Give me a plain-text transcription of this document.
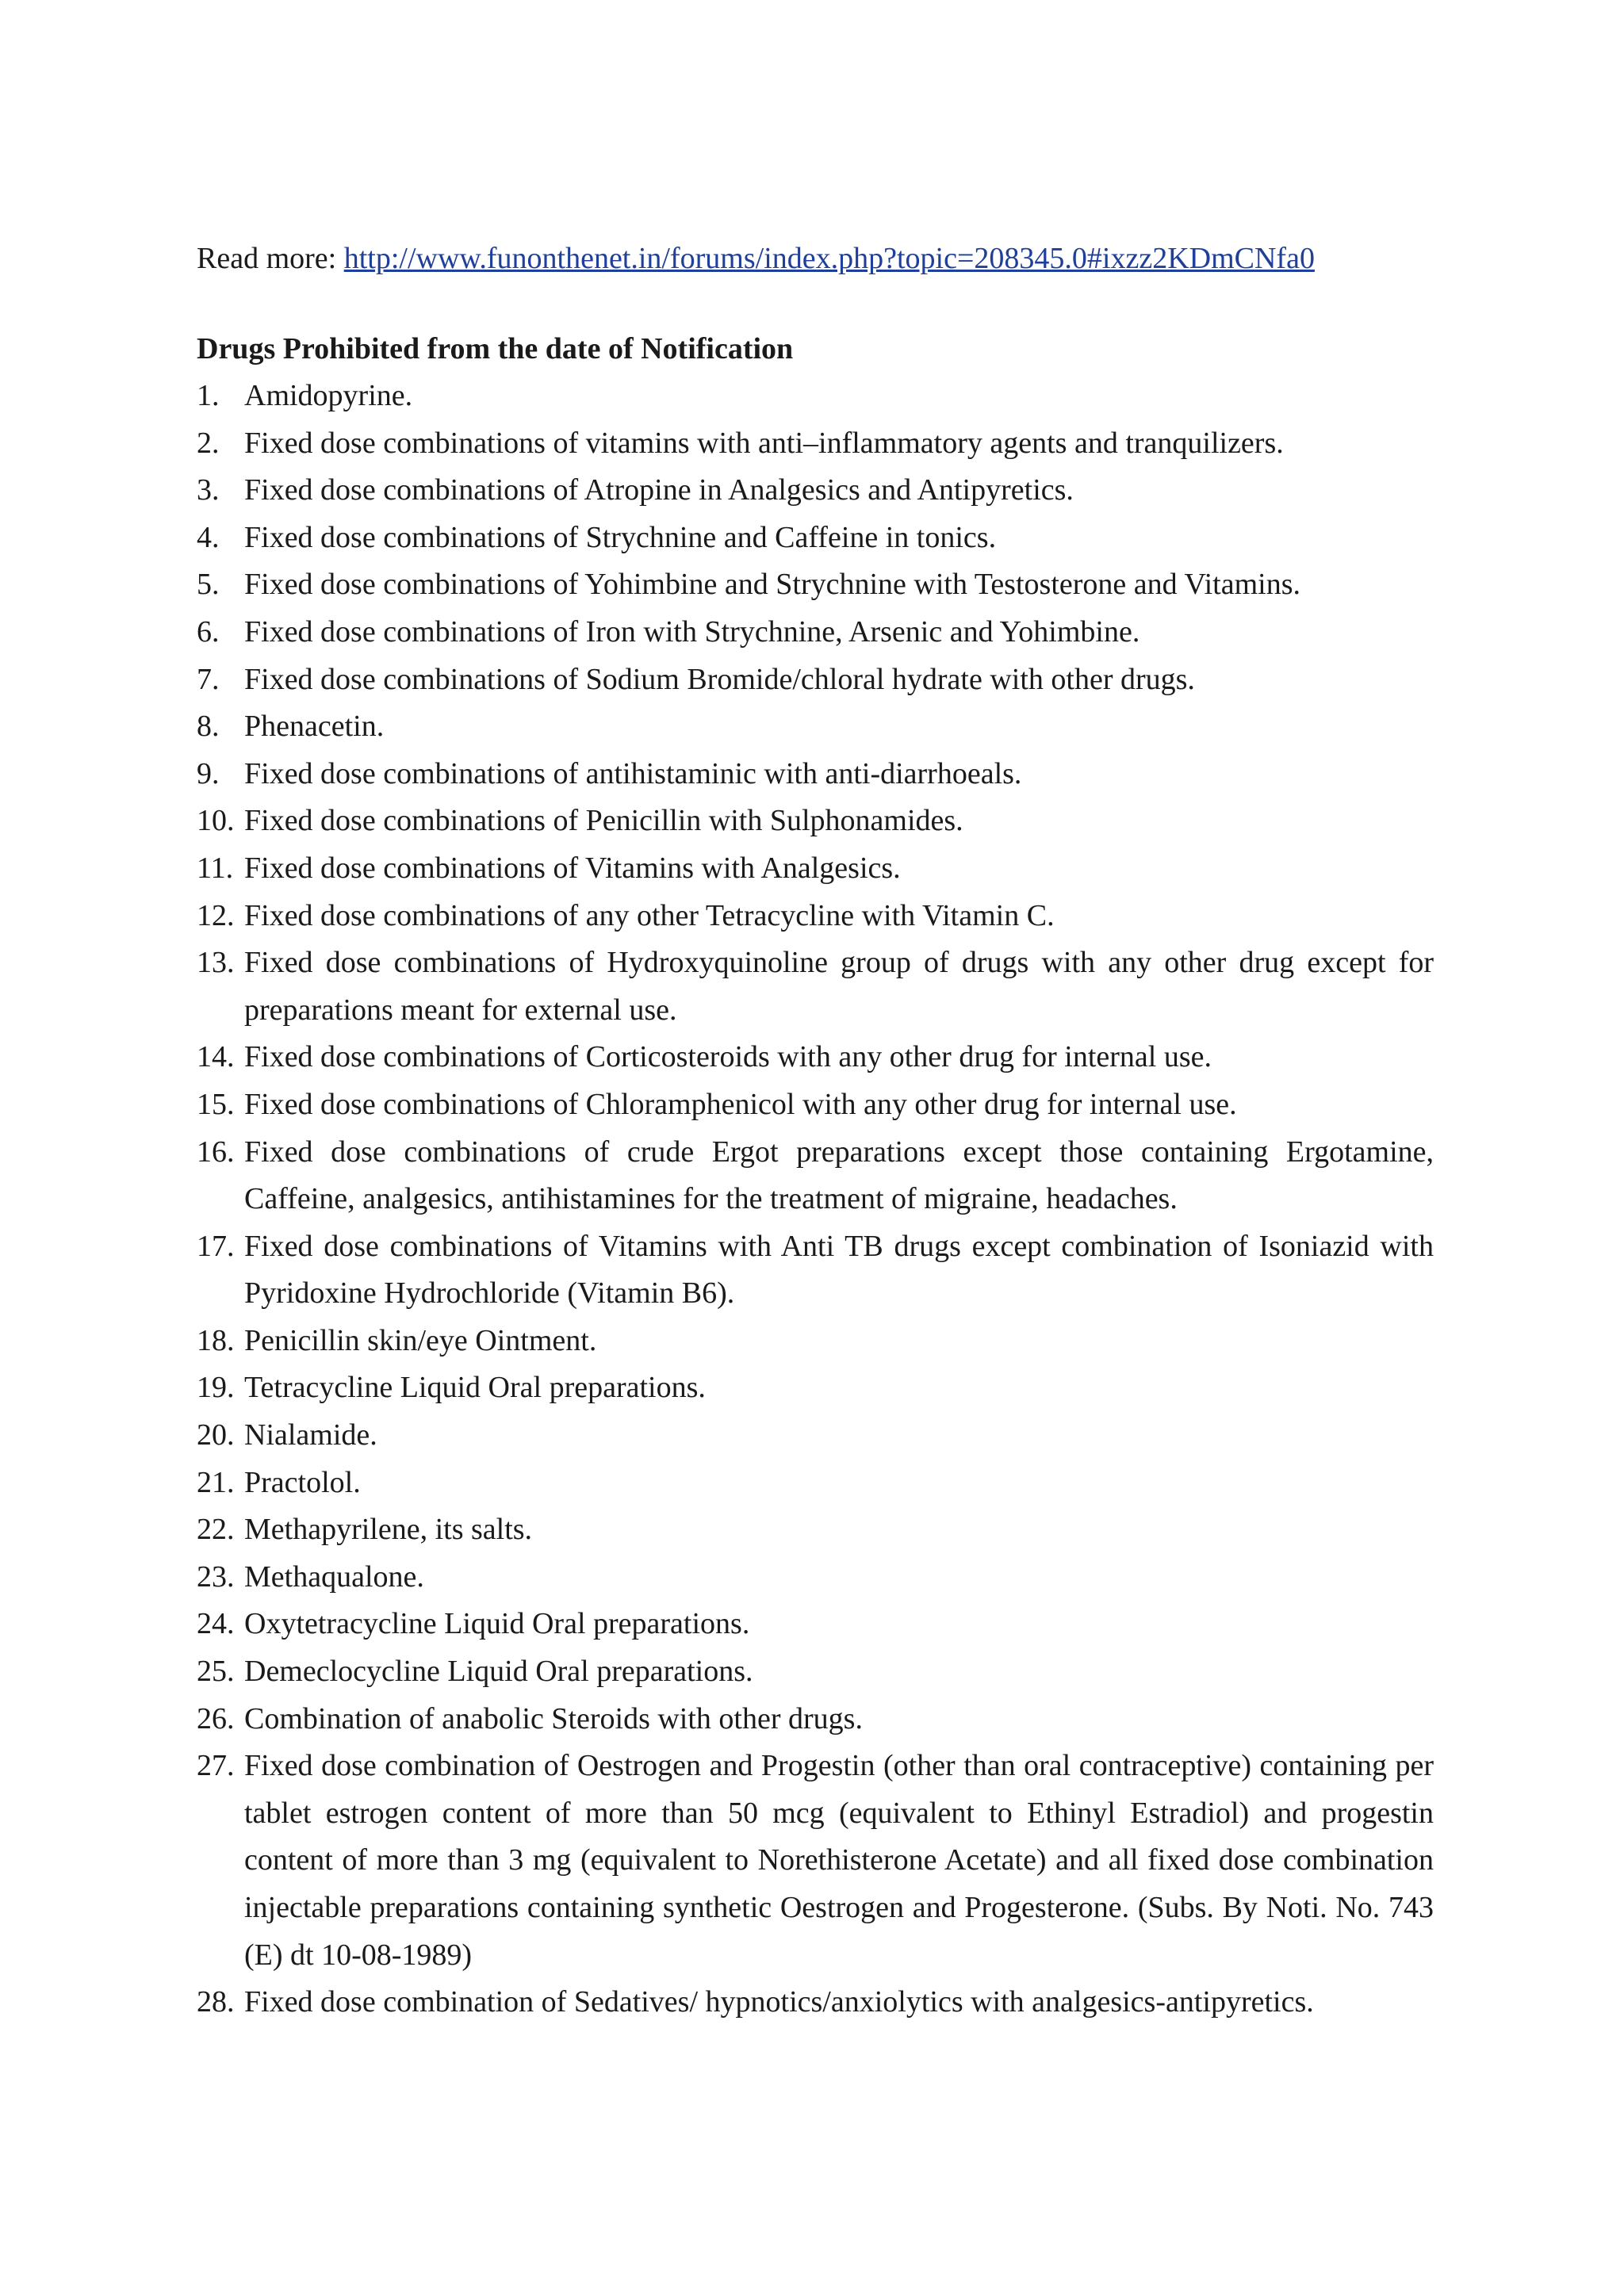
Read more: http://www.funonthenet.in/forums/index.php?topic=208345.0#ixzz2KDmCNfa0
Drugs Prohibited from the date of Notification
1. Amidopyrine.
2. Fixed dose combinations of vitamins with anti–inflammatory agents and tranquilizers.
3. Fixed dose combinations of Atropine in Analgesics and Antipyretics.
4. Fixed dose combinations of Strychnine and Caffeine in tonics.
5. Fixed dose combinations of Yohimbine and Strychnine with Testosterone and Vitamins.
6. Fixed dose combinations of Iron with Strychnine, Arsenic and Yohimbine.
7. Fixed dose combinations of Sodium Bromide/chloral hydrate with other drugs.
8. Phenacetin.
9. Fixed dose combinations of antihistaminic with anti-diarrhoeals.
10. Fixed dose combinations of Penicillin with Sulphonamides.
11. Fixed dose combinations of Vitamins with Analgesics.
12. Fixed dose combinations of any other Tetracycline with Vitamin C.
13. Fixed dose combinations of Hydroxyquinoline group of drugs with any other drug except for preparations meant for external use.
14. Fixed dose combinations of Corticosteroids with any other drug for internal use.
15. Fixed dose combinations of Chloramphenicol with any other drug for internal use.
16. Fixed dose combinations of crude Ergot preparations except those containing Ergotamine, Caffeine, analgesics, antihistamines for the treatment of migraine, headaches.
17. Fixed dose combinations of Vitamins with Anti TB drugs except combination of Isoniazid with Pyridoxine Hydrochloride (Vitamin B6).
18. Penicillin skin/eye Ointment.
19. Tetracycline Liquid Oral preparations.
20. Nialamide.
21. Practolol.
22. Methapyrilene, its salts.
23. Methaqualone.
24. Oxytetracycline Liquid Oral preparations.
25. Demeclocycline Liquid Oral preparations.
26. Combination of anabolic Steroids with other drugs.
27. Fixed dose combination of Oestrogen and Progestin (other than oral contraceptive) containing per tablet estrogen content of more than 50 mcg (equivalent to Ethinyl Estradiol) and progestin content of more than 3 mg (equivalent to Norethisterone Acetate) and all fixed dose combination injectable preparations containing synthetic Oestrogen and Progesterone. (Subs. By Noti. No. 743 (E) dt 10-08-1989)
28. Fixed dose combination of Sedatives/ hypnotics/anxiolytics with analgesics-antipyretics.
